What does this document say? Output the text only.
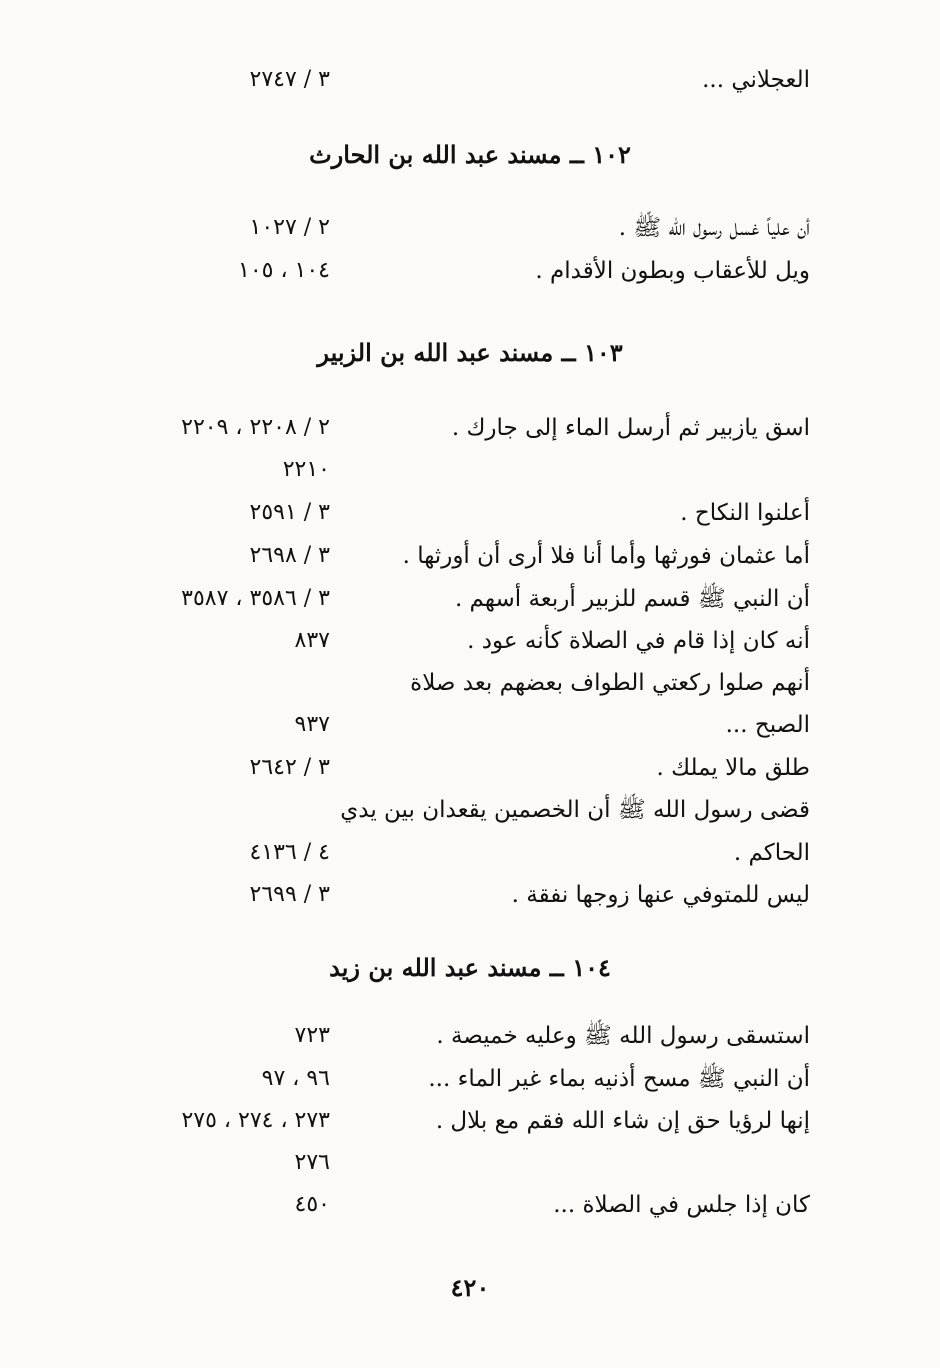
العجلاني ...
٣ / ٢٧٤٧
١٠٢ ــ مسند عبد الله بن الحارث
أن علياً غسل رسول الله ﷺ .
٢ / ١٠٢٧
ويل للأعقاب وبطون الأقدام .
١٠٤ ، ١٠٥
١٠٣ ــ مسند عبد الله بن الزبير
اسق يازبير ثم أرسل الماء إلى جارك .
٢ / ٢٢٠٨ ، ٢٢٠٩
٢٢١٠
أعلنوا النكاح .
٣ / ٢٥٩١
أما عثمان فورثها وأما أنا فلا أرى أن أورثها .
٣ / ٢٦٩٨
أن النبي ﷺ قسم للزبير أربعة أسهم .
٣ / ٣٥٨٦ ، ٣٥٨٧
أنه كان إذا قام في الصلاة كأنه عود .
٨٣٧
أنهم صلوا ركعتي الطواف بعضهم بعد صلاة
الصبح ...
٩٣٧
طلق مالا يملك .
٣ / ٢٦٤٢
قضى رسول الله ﷺ أن الخصمين يقعدان بين يدي
الحاكم .
٤ / ٤١٣٦
ليس للمتوفي عنها زوجها نفقة .
٣ / ٢٦٩٩
١٠٤ ــ مسند عبد الله بن زيد
استسقى رسول الله ﷺ وعليه خميصة .
٧٢٣
أن النبي ﷺ مسح أذنيه بماء غير الماء ...
٩٦ ، ٩٧
إنها لرؤيا حق إن شاء الله فقم مع بلال .
٢٧٣ ، ٢٧٤ ، ٢٧٥
٢٧٦
كان إذا جلس في الصلاة ...
٤٥٠
٤٢٠
